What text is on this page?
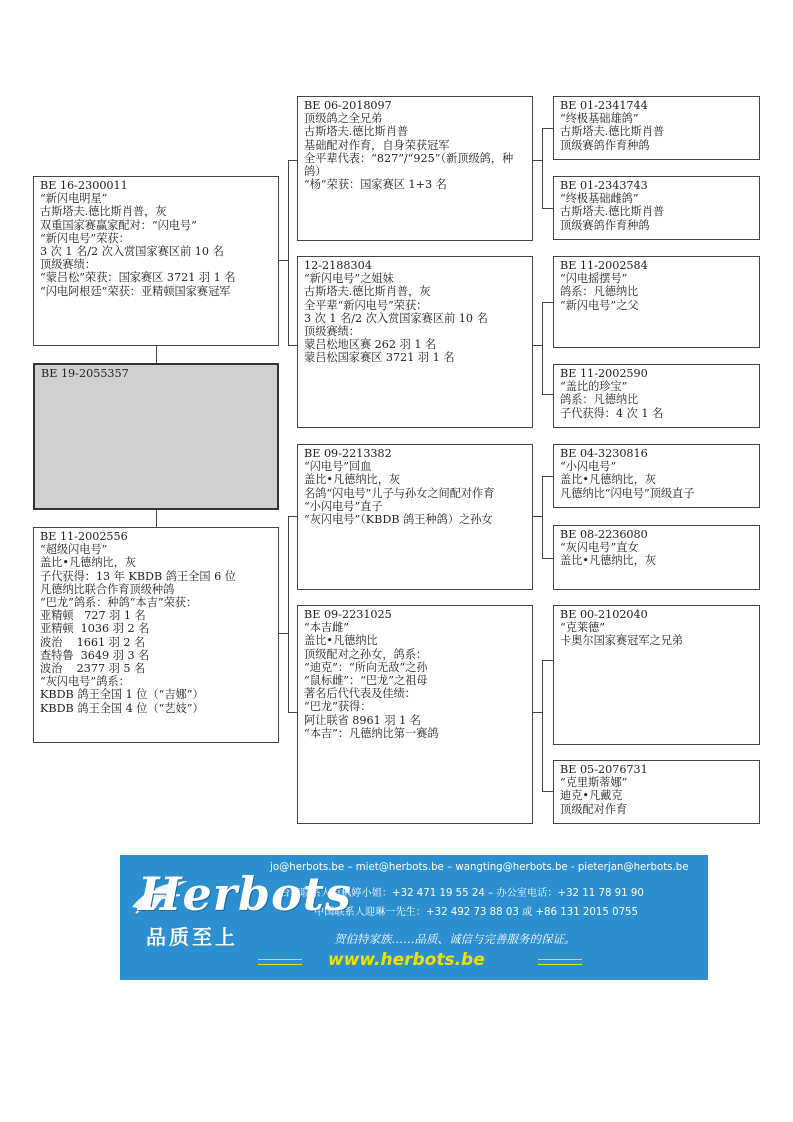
BE 16-2300011
“新闪电明星”
古斯塔夫.德比斯肖普，灰
双重国家赛赢家配对：“闪电号”
“新闪电号”荣获：
3 次 1 名/2 次入赏国家赛区前 10 名
顶级赛绩：
“蒙吕松”荣获：国家赛区 3721 羽 1 名
“闪电阿根廷”荣获：亚精顿国家赛冠军
BE 19-2055357
BE 11-2002556
“超级闪电号”
盖比•凡德纳比，灰
子代获得：13 年 KBDB 鸽王全国 6 位
凡德纳比联合作育顶级种鸽
“巴龙”鸽系：种鸽“本吉”荣获：
亚精顿   727 羽 1 名
亚精顿  1036 羽 2 名
波治    1661 羽 2 名
查特鲁  3649 羽 3 名
波治    2377 羽 5 名
“灰闪电号”鸽系：
KBDB 鸽王全国 1 位（“吉娜”）
KBDB 鸽王全国 4 位（“艺妓”）
BE 06-2018097
顶级鸽之全兄弟
古斯塔夫.德比斯肖普
基础配对作育，自身荣获冠军
全平辈代表：“827”/“925”（新顶级鸽，种鸽）
“杨”荣获：国家赛区 1+3 名
12-2188304
“新闪电号”之姐妹
古斯塔夫.德比斯肖普，灰
全平辈“新闪电号”荣获：
3 次 1 名/2 次入赏国家赛区前 10 名
顶级赛绩：
蒙吕松地区赛 262 羽 1 名
蒙吕松国家赛区 3721 羽 1 名
BE 09-2213382
“闪电号”回血
盖比•凡德纳比，灰
名鸽“闪电号”儿子与孙女之间配对作育
“小闪电号”直子
“灰闪电号”（KBDB 鸽王种鸽）之孙女
BE 09-2231025
“本吉雌”
盖比•凡德纳比
顶级配对之孙女，鸽系：
“迪克”：“所向无敌”之孙
“鼠标雌”：“巴龙”之祖母
著名后代代表及佳绩：
“巴龙”获得：
阿让联省 8961 羽 1 名
“本吉”：凡德纳比第一赛鸽
BE 01-2341744
“终极基础雄鸽”
古斯塔夫.德比斯肖普
顶级赛鸽作育种鸽
BE 01-2343743
“终极基础雌鸽”
古斯塔夫.德比斯肖普
顶级赛鸽作育种鸽
BE 11-2002584
“闪电摇摆号”
鸽系：凡德纳比
“新闪电号”之父
BE 11-2002590
“盖比的珍宝”
鸽系：凡德纳比
子代获得：4 次 1 名
BE 04-3230816
“小闪电号”
盖比•凡德纳比，灰
凡德纳比“闪电号”顶级直子
BE 08-2236080
“灰闪电号”直女
盖比•凡德纳比，灰
BE 00-2102040
“克莱德”
卡奥尔国家赛冠军之兄弟
BE 05-2076731
“克里斯蒂娜”
迪克•凡戴克
顶级配对作育
Herbots
品质至上
jo@herbots.be – miet@herbots.be – wangting@herbots.be - pieterjan@herbots.be
台湾联系人卢枫婷小姐：+32 471 19 55 24 – 办公室电话：+32 11 78 91 90
中国联系人迎琳一先生：+32 492 73 88 03 或 +86 131 2015 0755
贺伯特家族……品质、诚信与完善服务的保证。
www.herbots.be
